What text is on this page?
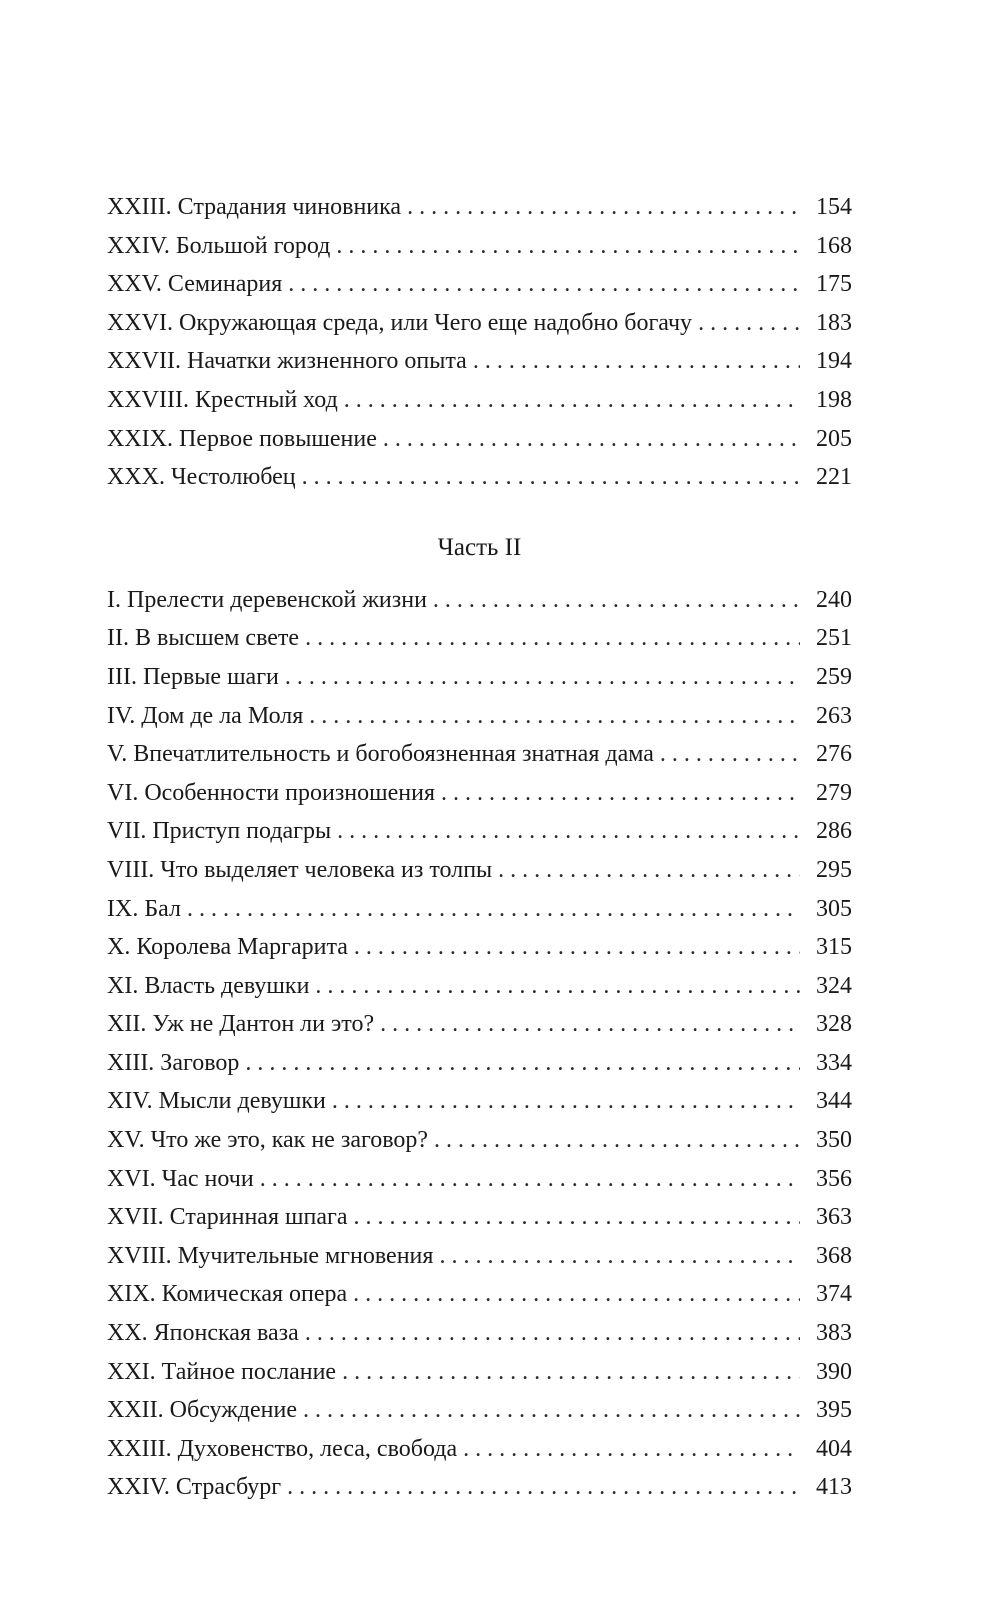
XXIII. Страдания чиновника . . .	154
XXIV. Большой город . . .	168
XXV. Семинария . . .	175
XXVI. Окружающая среда, или Чего еще надобно богачу . . .	183
XXVII. Начатки жизненного опыта . . .	194
XXVIII. Крестный ход . . .	198
XXIX. Первое повышение . . .	205
XXX. Честолюбец . . .	221
Часть II
I. Прелести деревенской жизни . . .	240
II. В высшем свете . . .	251
III. Первые шаги . . .	259
IV. Дом де ла Моля . . .	263
V. Впечатлительность и богобоязненная знатная дама . . .	276
VI. Особенности произношения . . .	279
VII. Приступ подагры . . .	286
VIII. Что выделяет человека из толпы . . .	295
IX. Бал . . .	305
X. Королева Маргарита . . .	315
XI. Власть девушки . . .	324
XII. Уж не Дантон ли это? . . .	328
XIII. Заговор . . .	334
XIV. Мысли девушки . . .	344
XV. Что же это, как не заговор? . . .	350
XVI. Час ночи . . .	356
XVII. Старинная шпага . . .	363
XVIII. Мучительные мгновения . . .	368
XIX. Комическая опера . . .	374
XX. Японская ваза . . .	383
XXI. Тайное послание . . .	390
XXII. Обсуждение . . .	395
XXIII. Духовенство, леса, свобода . . .	404
XXIV. Страсбург . . .	413
